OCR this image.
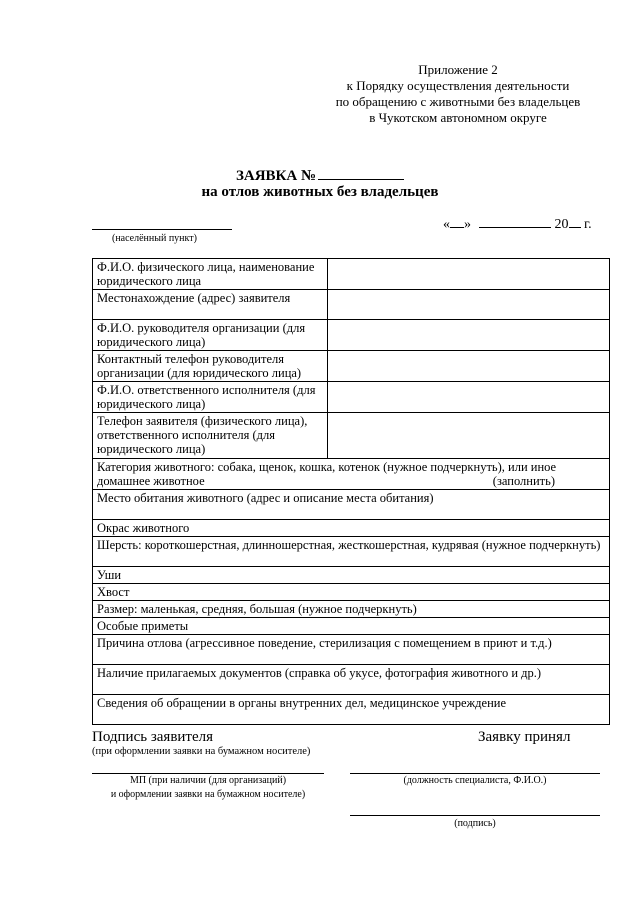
Приложение 2
к Порядку осуществления деятельности
по обращению с животными без владельцев
в Чукотском автономном округе
ЗАЯВКА №
на отлов животных без владельцев
(населённый пункт)
« »	20 г.
Ф.И.О. физического лица, наименование юридического лица	
Местонахождение (адрес) заявителя	
Ф.И.О. руководителя организации (для юридического лица)	
Контактный телефон руководителя организации (для юридического лица)	
Ф.И.О. ответственного исполнителя (для юридического лица)	
Телефон заявителя (физического лица), ответственного исполнителя (для юридического лица)	

Категория животного: собака, щенок, кошка, котенок (нужное подчеркнуть), или иное
домашнее животное (заполнить)	

Место обитания животного (адрес и описание места обитания)	
Окрас животного	
Шерсть: короткошерстная, длинношерстная, жесткошерстная, кудрявая (нужное подчеркнуть)	
Уши	
Хвост	
Размер: маленькая, средняя, большая (нужное подчеркнуть)	
Особые приметы	
Причина отлова (агрессивное поведение, стерилизация с помещением в приют и т.д.)	
Наличие прилагаемых документов (справка об укусе, фотография животного и др.)	
Сведения об обращении в органы внутренних дел, медицинское учреждение	
Подпись заявителя
(при оформлении заявки на бумажном носителе)
Заявку принял
МП (при наличии (для организаций)
и оформлении заявки на бумажном носителе)
(должность специалиста, Ф.И.О.)
(подпись)
